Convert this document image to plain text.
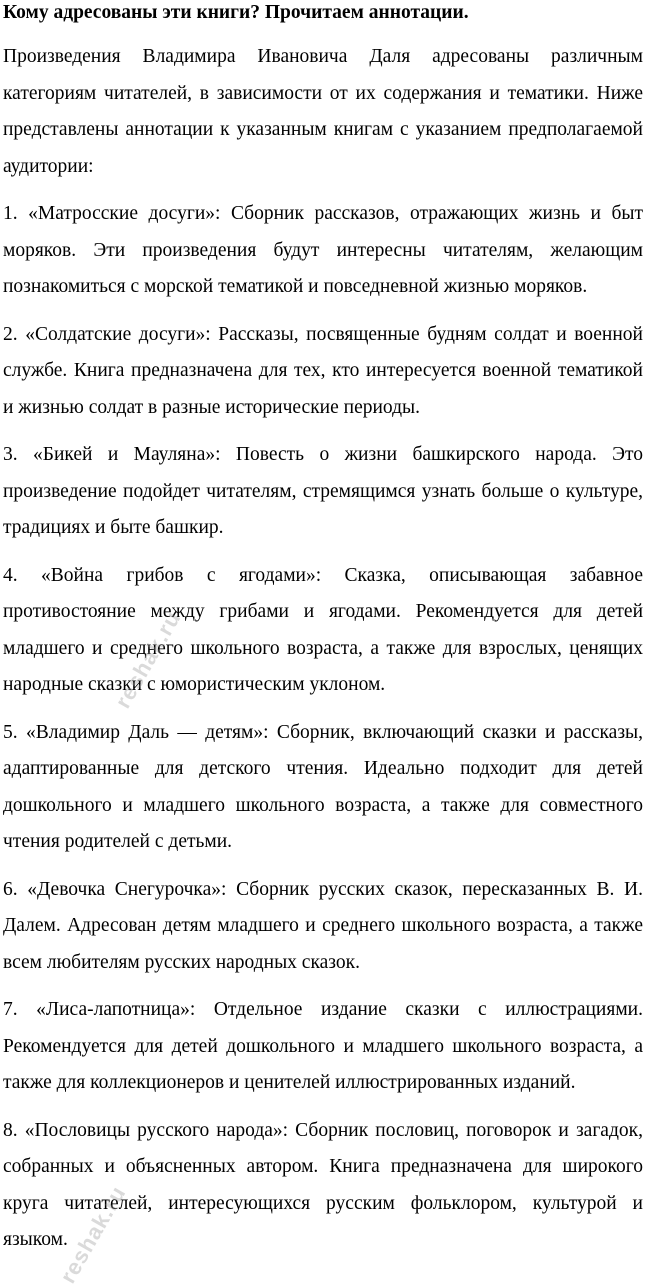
Кому адресованы эти книги? Прочитаем аннотации.

Произведения Владимира Ивановича Даля адресованы различным категориям читателей, в зависимости от их содержания и тематики. Ниже представлены аннотации к указанным книгам с указанием предполагаемой аудитории:

1. «Матросские досуги»: Сборник рассказов, отражающих жизнь и быт моряков. Эти произведения будут интересны читателям, желающим познакомиться с морской тематикой и повседневной жизнью моряков.

2. «Солдатские досуги»: Рассказы, посвященные будням солдат и военной службе. Книга предназначена для тех, кто интересуется военной тематикой и жизнью солдат в разные исторические периоды.

3. «Бикей и Мауляна»: Повесть о жизни башкирского народа. Это произведение подойдет читателям, стремящимся узнать больше о культуре, традициях и быте башкир.

4. «Война грибов с ягодами»: Сказка, описывающая забавное противостояние между грибами и ягодами. Рекомендуется для детей младшего и среднего школьного возраста, а также для взрослых, ценящих народные сказки с юмористическим уклоном.

5. «Владимир Даль — детям»: Сборник, включающий сказки и рассказы, адаптированные для детского чтения. Идеально подходит для детей дошкольного и младшего школьного возраста, а также для совместного чтения родителей с детьми.

6. «Девочка Снегурочка»: Сборник русских сказок, пересказанных В. И. Далем. Адресован детям младшего и среднего школьного возраста, а также всем любителям русских народных сказок.

7. «Лиса-лапотница»: Отдельное издание сказки с иллюстрациями. Рекомендуется для детей дошкольного и младшего школьного возраста, а также для коллекционеров и ценителей иллюстрированных изданий.

8. «Пословицы русского народа»: Сборник пословиц, поговорок и загадок, собранных и объясненных автором. Книга предназначена для широкого круга читателей, интересующихся русским фольклором, культурой и языком.

reshak.ru
reshak.ru
